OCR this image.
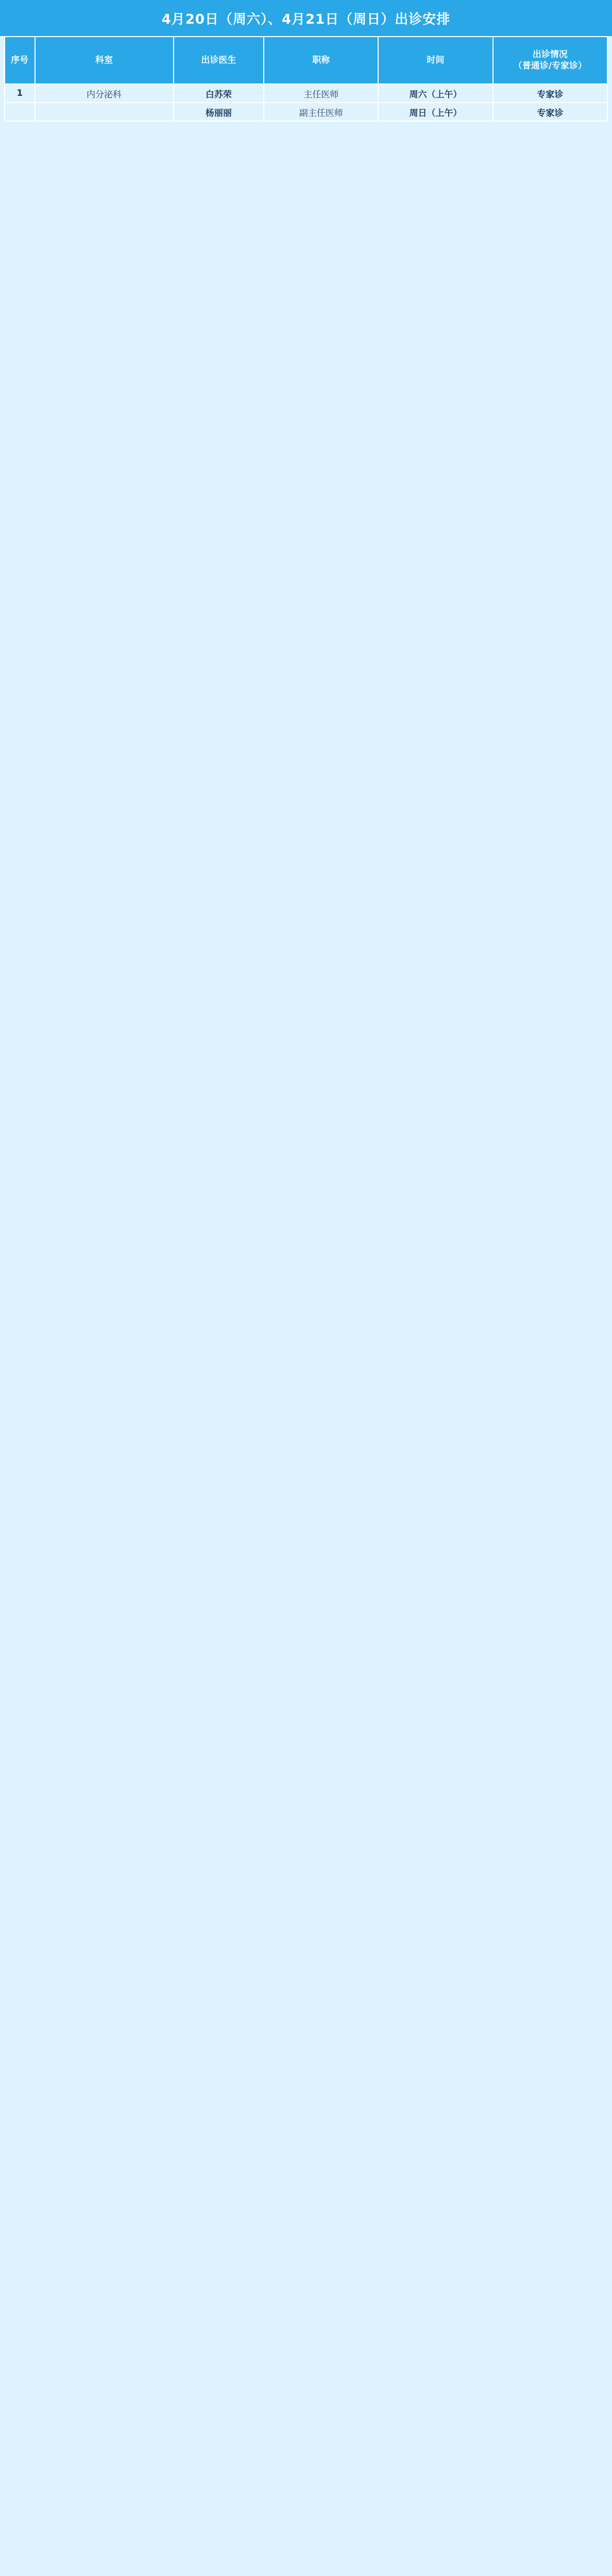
4月20日（周六）、4月21日（周日）出诊安排
序号	科室	出诊医生	职称	时间	出诊情况
（普通诊/专家诊）
1	内分泌科	白苏荣	主任医师	周六（上午）	专家诊
		杨丽丽	副主任医师	周日（上午）	专家诊
